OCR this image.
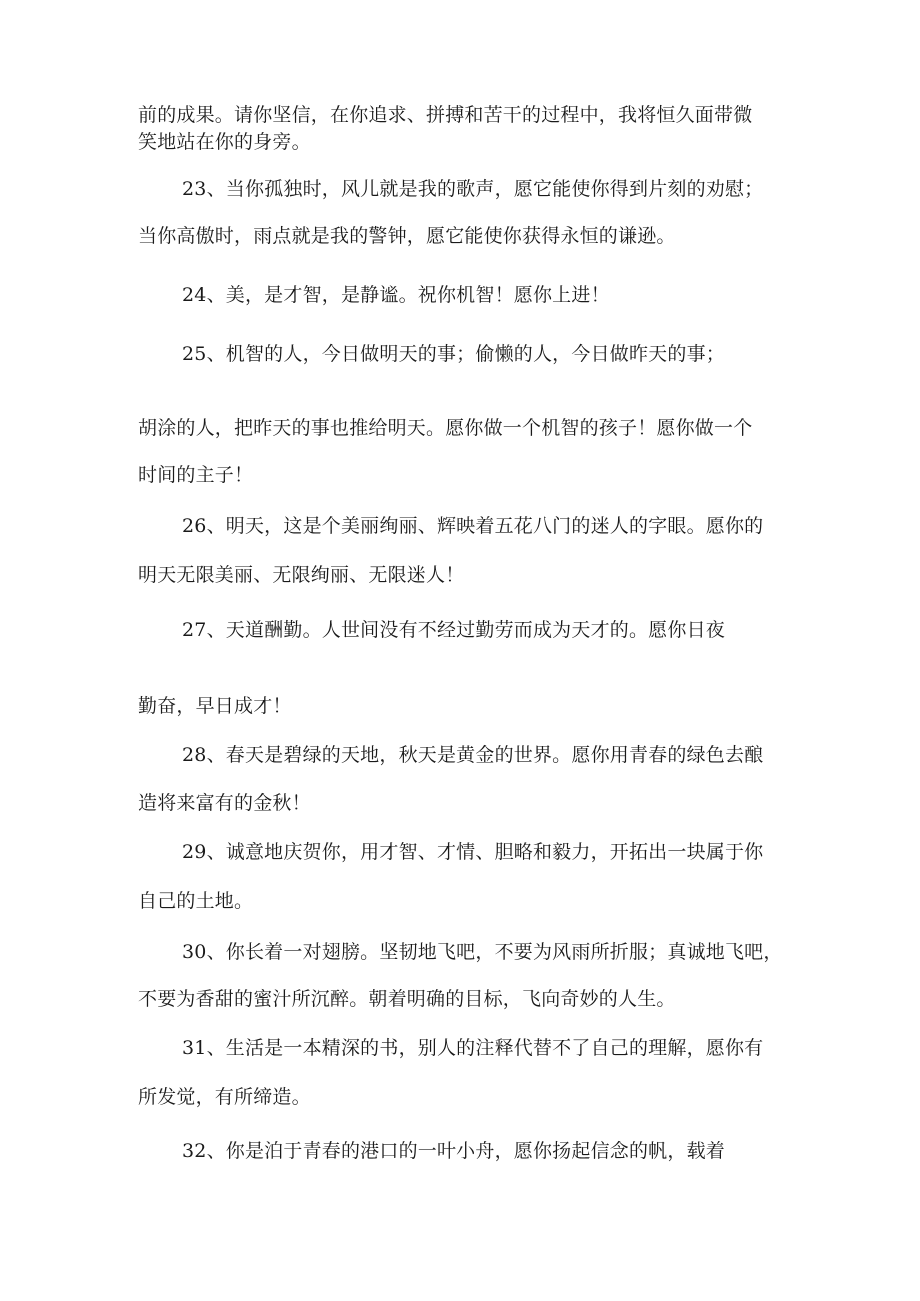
前的成果。请你坚信，在你追求、拼搏和苦干的过程中，我将恒久面带微
笑地站在你的身旁。
23、当你孤独时，风儿就是我的歌声，愿它能使你得到片刻的劝慰；
当你高傲时，雨点就是我的警钟，愿它能使你获得永恒的谦逊。
24、美，是才智，是静谧。祝你机智！愿你上进！
25、机智的人，今日做明天的事；偷懒的人，今日做昨天的事；
胡涂的人，把昨天的事也推给明天。愿你做一个机智的孩子！愿你做一个
时间的主子！
26、明天，这是个美丽绚丽、辉映着五花八门的迷人的字眼。愿你的
明天无限美丽、无限绚丽、无限迷人！
27、天道酬勤。人世间没有不经过勤劳而成为天才的。愿你日夜
勤奋，早日成才！
28、春天是碧绿的天地，秋天是黄金的世界。愿你用青春的绿色去酿
造将来富有的金秋！
29、诚意地庆贺你，用才智、才情、胆略和毅力，开拓出一块属于你
自己的土地。
30、你长着一对翅膀。坚韧地飞吧，不要为风雨所折服；真诚地飞吧，
不要为香甜的蜜汁所沉醉。朝着明确的目标，飞向奇妙的人生。
31、生活是一本精深的书，别人的注释代替不了自己的理解，愿你有
所发觉，有所缔造。
32、你是泊于青春的港口的一叶小舟，愿你扬起信念的帆，载着
